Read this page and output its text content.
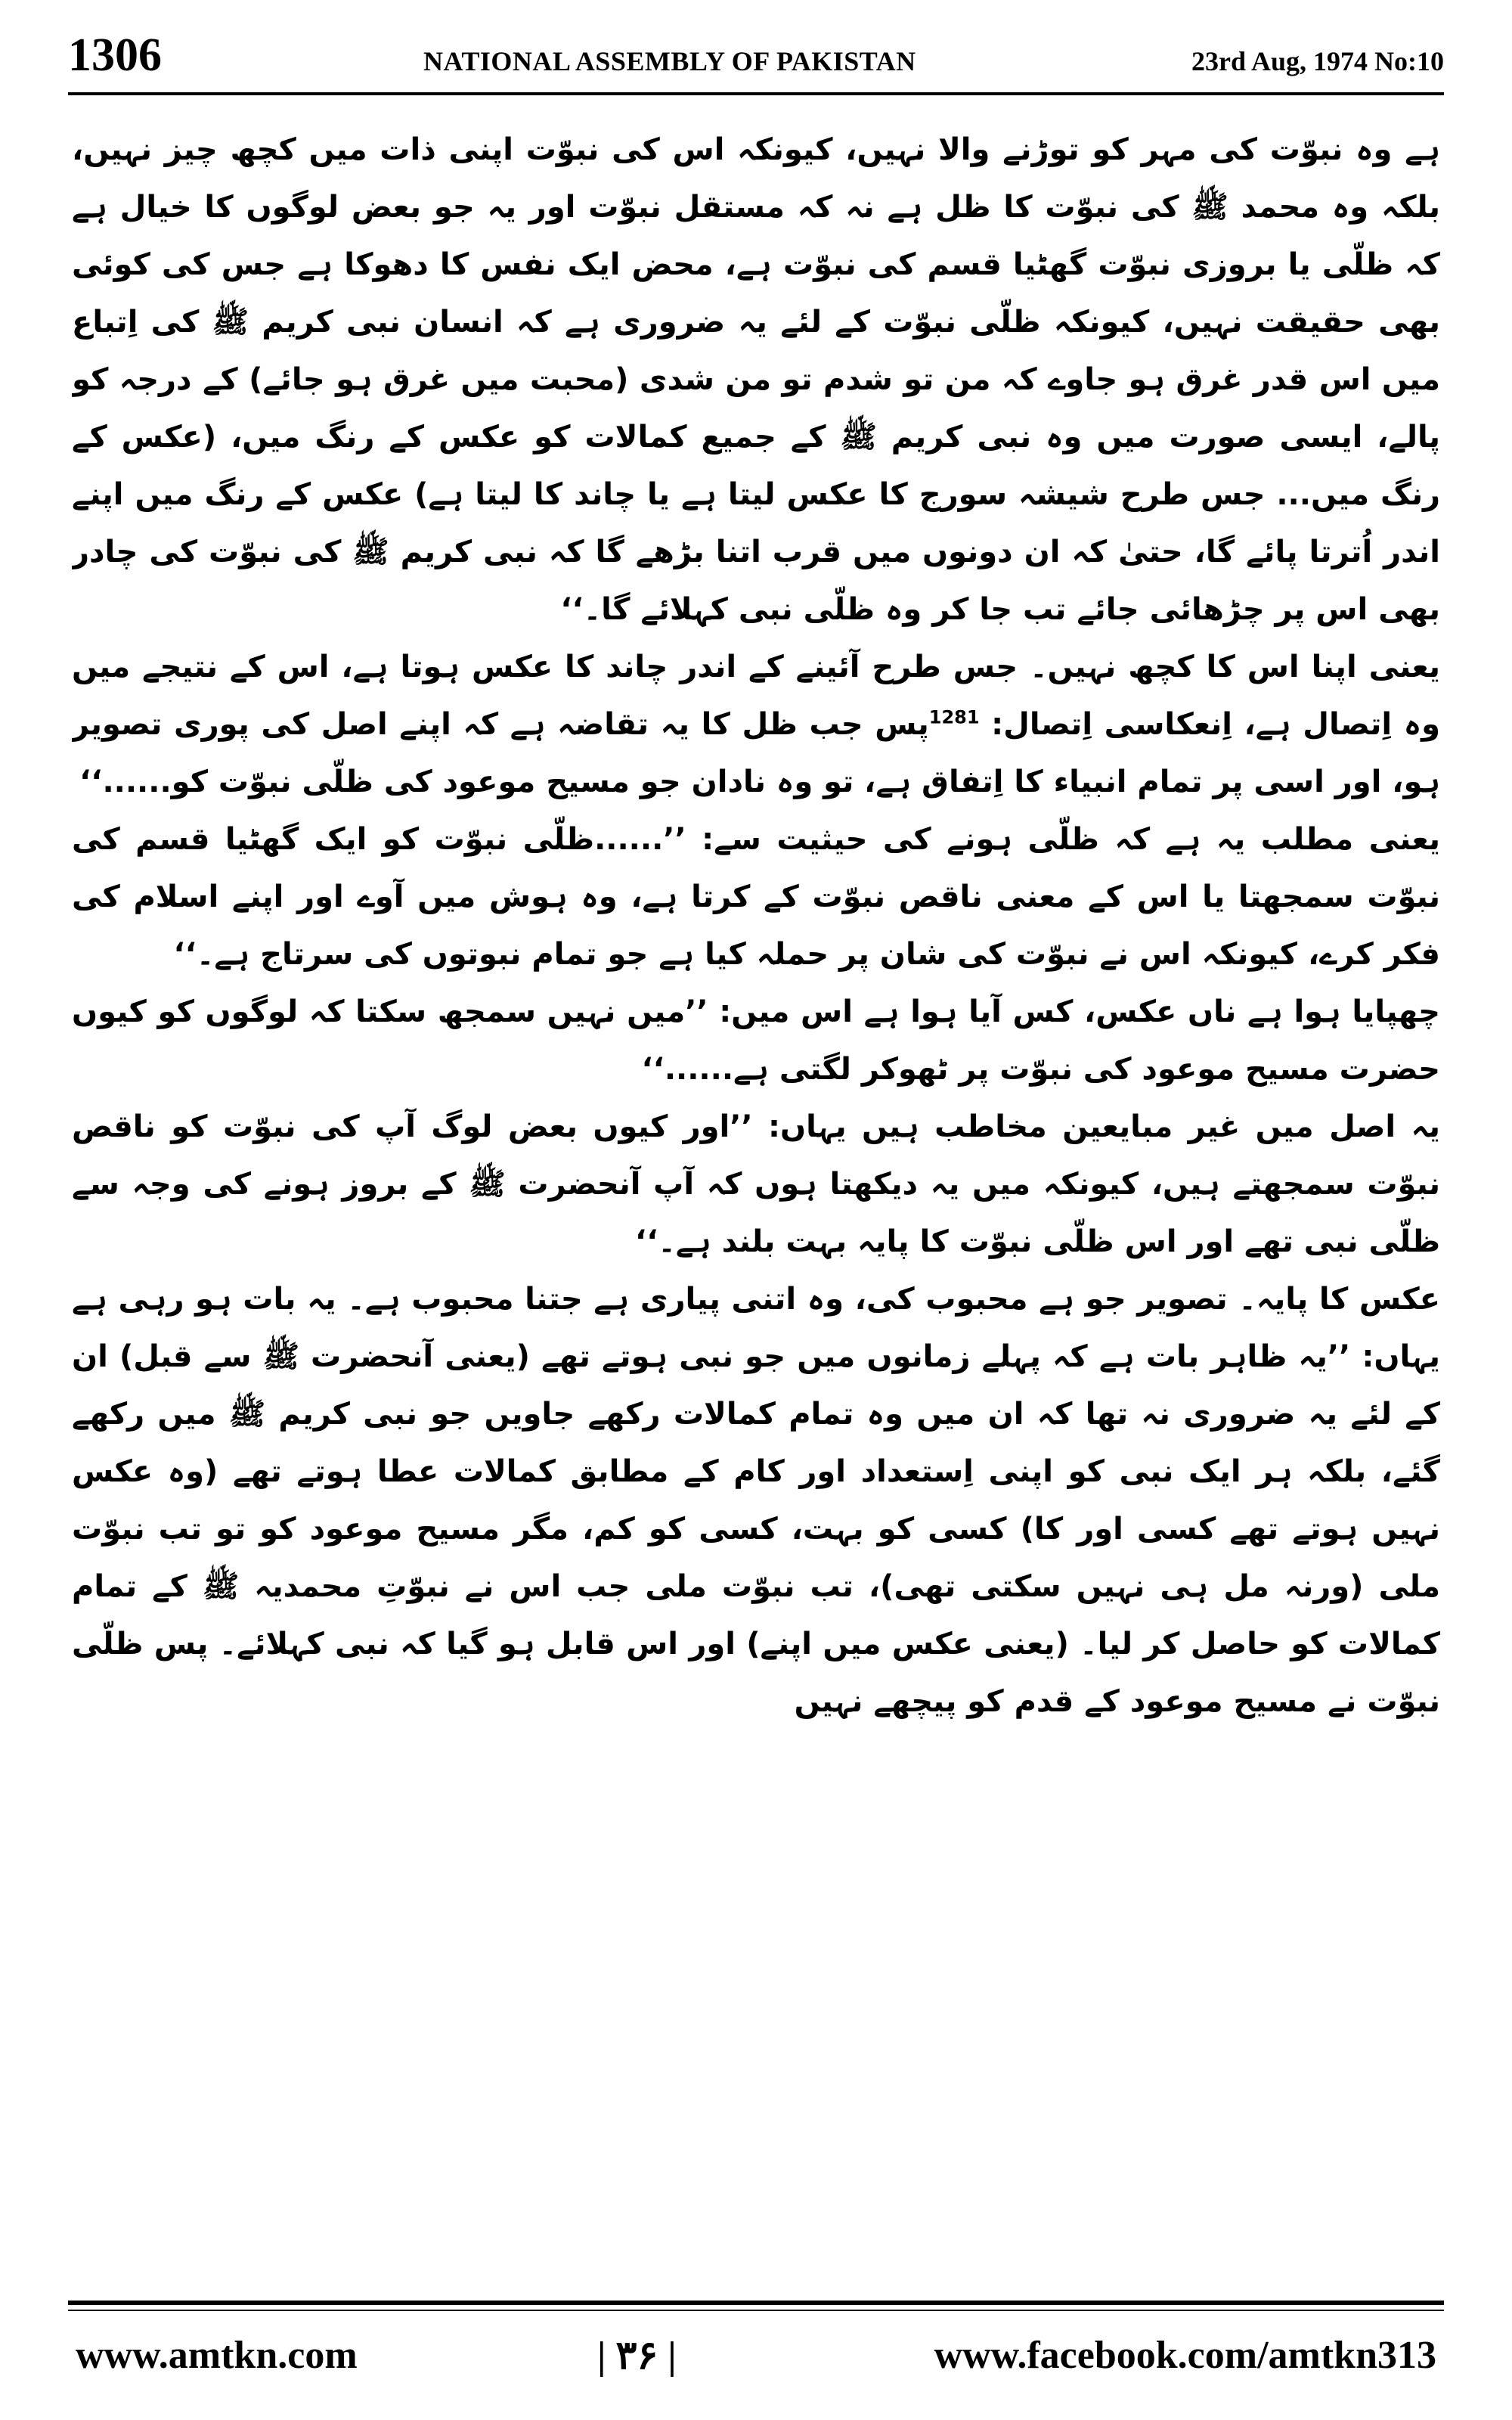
1306	NATIONAL ASSEMBLY OF PAKISTAN	23rd Aug, 1974 No:10

ہے وہ نبوّت کی مہر کو توڑنے والا نہیں، کیونکہ اس کی نبوّت اپنی ذات میں کچھ چیز نہیں، بلکہ وہ محمد ﷺ کی نبوّت کا ظل ہے نہ کہ مستقل نبوّت اور یہ جو بعض لوگوں کا خیال ہے کہ ظلّی یا بروزی نبوّت گھٹیا قسم کی نبوّت ہے، محض ایک نفس کا دھوکا ہے جس کی کوئی بھی حقیقت نہیں، کیونکہ ظلّی نبوّت کے لئے یہ ضروری ہے کہ انسان نبی کریم ﷺ کی اِتباع میں اس قدر غرق ہو جاوے کہ من تو شدم تو من شدی (محبت میں غرق ہو جائے) کے درجہ کو پالے، ایسی صورت میں وہ نبی کریم ﷺ کے جمیع کمالات کو عکس کے رنگ میں، (عکس کے رنگ میں... جس طرح شیشہ سورج کا عکس لیتا ہے یا چاند کا لیتا ہے) عکس کے رنگ میں اپنے اندر اُترتا پائے گا، حتیٰ کہ ان دونوں میں قرب اتنا بڑھے گا کہ نبی کریم ﷺ کی نبوّت کی چادر بھی اس پر چڑھائی جائے تب جا کر وہ ظلّی نبی کہلائے گا۔‘‘

یعنی اپنا اس کا کچھ نہیں۔ جس طرح آئینے کے اندر چاند کا عکس ہوتا ہے، اس کے نتیجے میں وہ اِتصال ہے، اِنعکاسی اِتصال: $^{1281}$پس جب ظل کا یہ تقاضہ ہے کہ اپنے اصل کی پوری تصویر ہو، اور اسی پر تمام انبیاء کا اِتفاق ہے، تو وہ نادان جو مسیح موعود کی ظلّی نبوّت کو......‘‘

یعنی مطلب یہ ہے کہ ظلّی ہونے کی حیثیت سے: ’’......ظلّی نبوّت کو ایک گھٹیا قسم کی نبوّت سمجھتا یا اس کے معنی ناقص نبوّت کے کرتا ہے، وہ ہوش میں آوے اور اپنے اسلام کی فکر کرے، کیونکہ اس نے نبوّت کی شان پر حملہ کیا ہے جو تمام نبوتوں کی سرتاج ہے۔‘‘

چھپایا ہوا ہے ناں عکس، کس آیا ہوا ہے اس میں: ’’میں نہیں سمجھ سکتا کہ لوگوں کو کیوں حضرت مسیح موعود کی نبوّت پر ٹھوکر لگتی ہے......‘‘

یہ اصل میں غیر مبایعین مخاطب ہیں یہاں: ’’اور کیوں بعض لوگ آپ کی نبوّت کو ناقص نبوّت سمجھتے ہیں، کیونکہ میں یہ دیکھتا ہوں کہ آپ آنحضرت ﷺ کے بروز ہونے کی وجہ سے ظلّی نبی تھے اور اس ظلّی نبوّت کا پایہ بہت بلند ہے۔‘‘

عکس کا پایہ۔ تصویر جو ہے محبوب کی، وہ اتنی پیاری ہے جتنا محبوب ہے۔ یہ بات ہو رہی ہے یہاں: ’’یہ ظاہر بات ہے کہ پہلے زمانوں میں جو نبی ہوتے تھے (یعنی آنحضرت ﷺ سے قبل) ان کے لئے یہ ضروری نہ تھا کہ ان میں وہ تمام کمالات رکھے جاویں جو نبی کریم ﷺ میں رکھے گئے، بلکہ ہر ایک نبی کو اپنی اِستعداد اور کام کے مطابق کمالات عطا ہوتے تھے (وہ عکس نہیں ہوتے تھے کسی اور کا) کسی کو بہت، کسی کو کم، مگر مسیح موعود کو تو تب نبوّت ملی (ورنہ مل ہی نہیں سکتی تھی)، تب نبوّت ملی جب اس نے نبوّتِ محمدیہ ﷺ کے تمام کمالات کو حاصل کر لیا۔ (یعنی عکس میں اپنے) اور اس قابل ہو گیا کہ نبی کہلائے۔ پس ظلّی نبوّت نے مسیح موعود کے قدم کو پیچھے نہیں

www.amtkn.com	| ۳۶ |	www.facebook.com/amtkn313
